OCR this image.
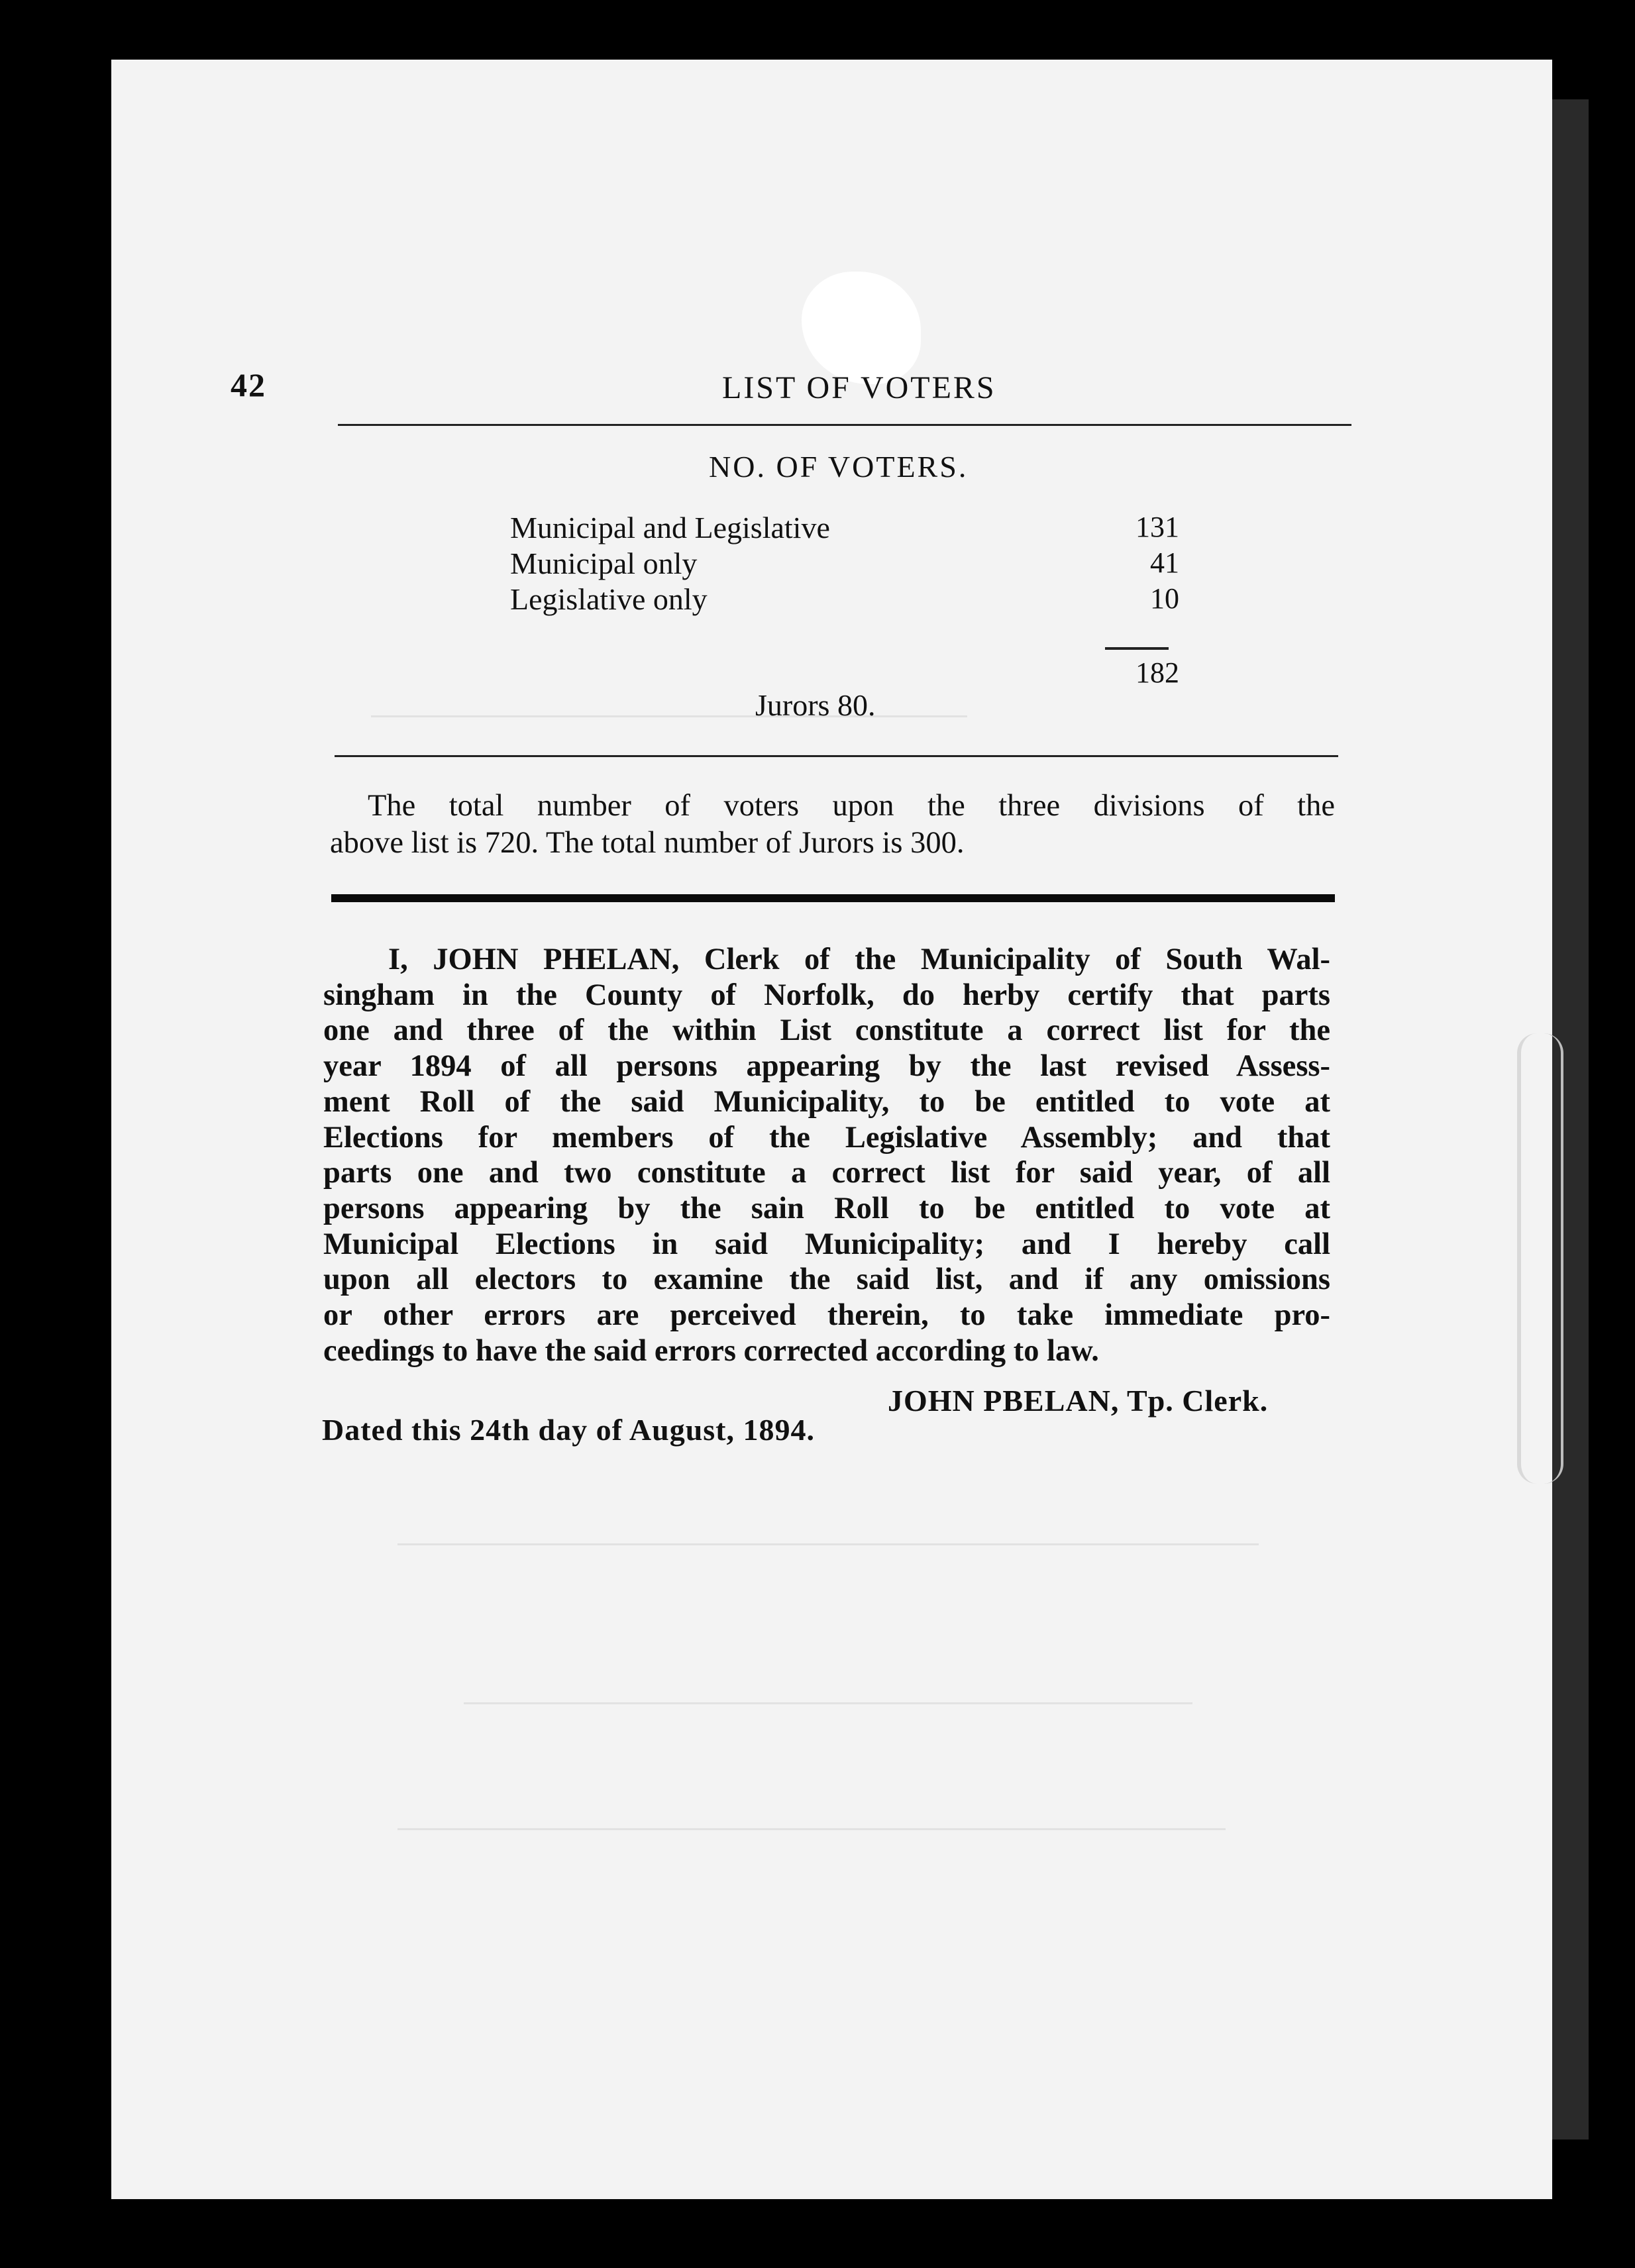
42	LIST OF VOTERS
NO. OF VOTERS.
Municipal and Legislative	131
Municipal only	41
Legislative only	10
182
Jurors 80.
The total number of voters upon the three divisions of the
above list is 720. The total number of Jurors is 300.
I, JOHN PHELAN, Clerk of the Municipality of South Wal-
singham in the County of Norfolk, do herby certify that parts
one and three of the within List constitute a correct list for the
year 1894 of all persons appearing by the last revised Assess-
ment Roll of the said Municipality, to be entitled to vote at
Elections for members of the Legislative Assembly; and that
parts one and two constitute a correct list for said year, of all
persons appearing by the sain Roll to be entitled to vote at
Municipal Elections in said Municipality; and I hereby call
upon all electors to examine the said list, and if any omissions
or other errors are perceived therein, to take immediate pro-
ceedings to have the said errors corrected according to law.
JOHN PBELAN, Tp. Clerk.
Dated this 24th day of August, 1894.
